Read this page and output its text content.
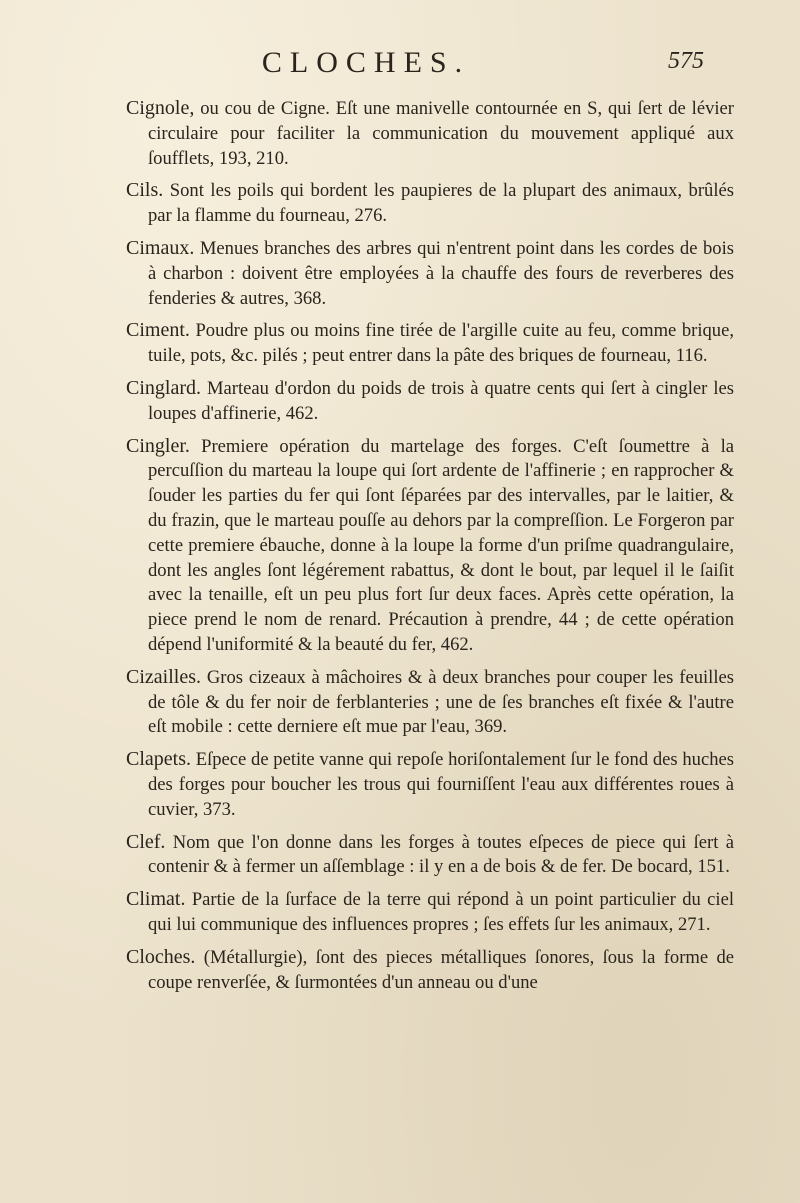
CLOCHES.	575

Cignole, ou cou de Cigne. Eſt une manivelle contournée en S, qui ſert de lévier circulaire pour faciliter la communication du mouvement appliqué aux ſoufflets, 193, 210.

Cils. Sont les poils qui bordent les paupieres de la plupart des animaux, brûlés par la flamme du fourneau, 276.

Cimaux. Menues branches des arbres qui n'entrent point dans les cordes de bois à charbon : doivent être employées à la chauffe des fours de reverberes des fenderies & autres, 368.

Ciment. Poudre plus ou moins fine tirée de l'argille cuite au feu, comme brique, tuile, pots, &c. pilés ; peut entrer dans la pâte des briques de fourneau, 116.

Cinglard. Marteau d'ordon du poids de trois à quatre cents qui ſert à cingler les loupes d'affinerie, 462.

Cingler. Premiere opération du martelage des forges. C'eſt ſoumettre à la percuſſion du marteau la loupe qui ſort ardente de l'affinerie ; en rapprocher & ſouder les parties du fer qui ſont ſéparées par des intervalles, par le laitier, & du frazin, que le marteau pouſſe au dehors par la compreſſion. Le Forgeron par cette premiere ébauche, donne à la loupe la forme d'un priſme quadrangulaire, dont les angles ſont légérement rabattus, & dont le bout, par lequel il le ſaiſit avec la tenaille, eſt un peu plus fort ſur deux faces. Après cette opération, la piece prend le nom de renard. Précaution à prendre, 44 ; de cette opération dépend l'uniformité & la beauté du fer, 462.

Cizailles. Gros cizeaux à mâchoires & à deux branches pour couper les feuilles de tôle & du fer noir de ferblanteries ; une de ſes branches eſt fixée & l'autre eſt mobile : cette derniere eſt mue par l'eau, 369.

Clapets. Eſpece de petite vanne qui repoſe horiſontalement ſur le fond des huches des forges pour boucher les trous qui fourniſſent l'eau aux différentes roues à cuvier, 373.

Clef. Nom que l'on donne dans les forges à toutes eſpeces de piece qui ſert à contenir & à fermer un aſſemblage : il y en a de bois & de fer. De bocard, 151.

Climat. Partie de la ſurface de la terre qui répond à un point particulier du ciel qui lui communique des influences propres ; ſes effets ſur les animaux, 271.

Cloches. (Métallurgie), ſont des pieces métalliques ſonores, ſous la forme de coupe renverſée, & ſurmontées d'un anneau ou d'une
